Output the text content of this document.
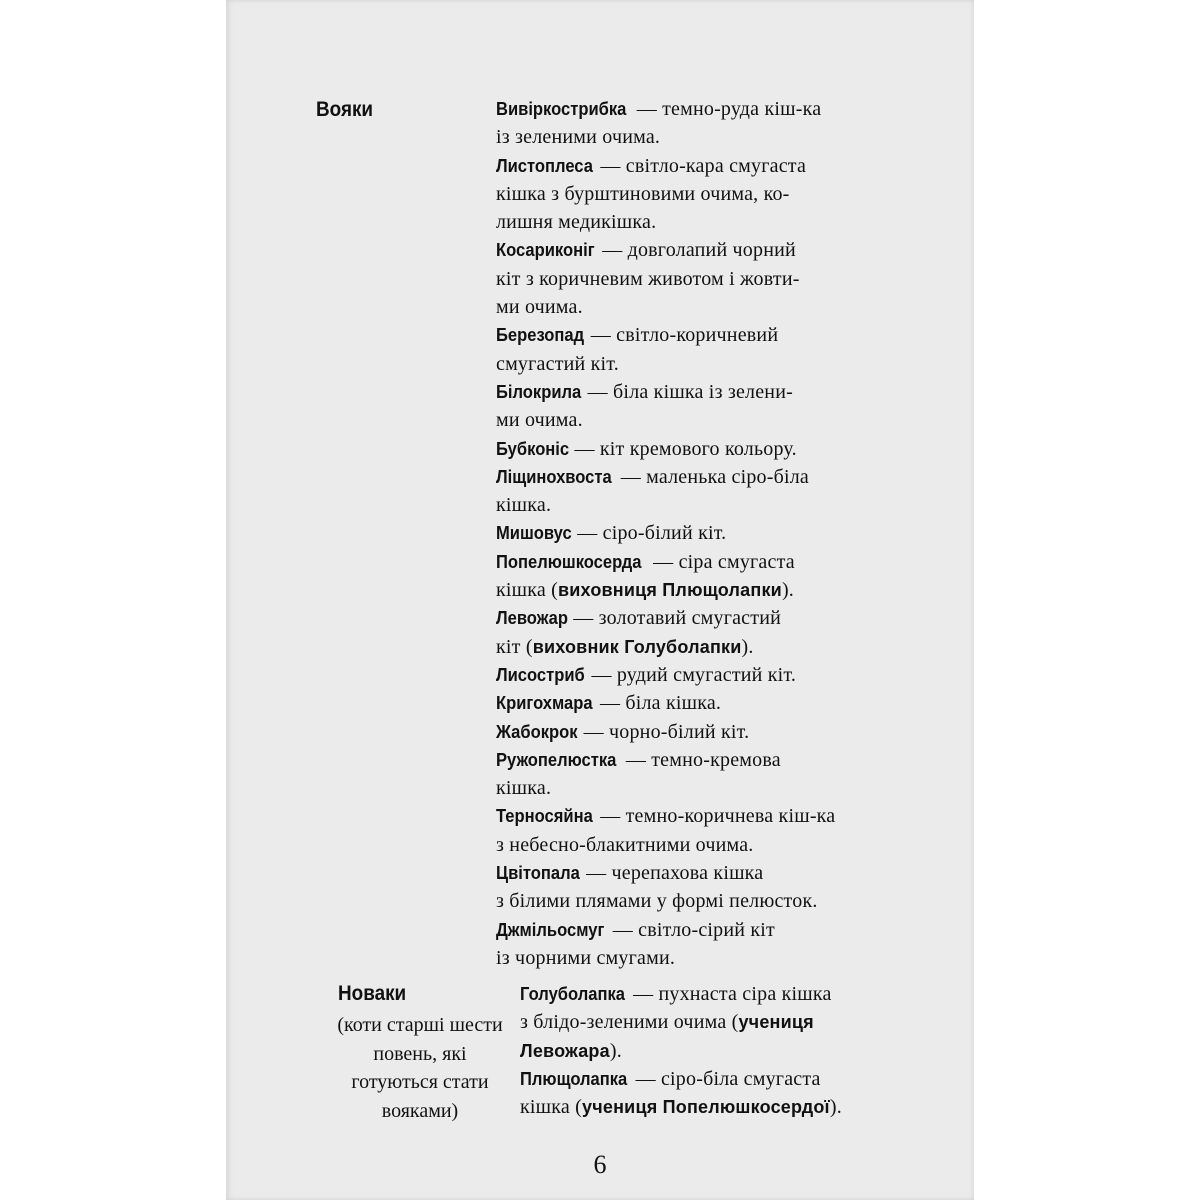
Вояки	Вивіркострибка — темно-руда кіш-ка
із зеленими очима.
Листоплеса — світло-кара смугаста
кішка з бурштиновими очима, ко-
лишня медикішка.
Косариконіг — довголапий чорний
кіт з коричневим животом і жовти-
ми очима.
Березопад — світло-коричневий
смугастий кіт.
Білокрила — біла кішка із зелени-
ми очима.
Бубконіс — кіт кремового кольору.
Ліщинохвоста — маленька сіро-біла
кішка.
Мишовус — сіро-білий кіт.
Попелюшкосерда — сіра смугаста
кішка (виховниця Плющолапки).
Левожар — золотавий смугастий
кіт (виховник Голуболапки).
Лисостриб — рудий смугастий кіт.
Кригохмара — біла кішка.
Жабокрок — чорно-білий кіт.
Ружопелюстка — темно-кремова
кішка.
Терносяйна — темно-коричнева кіш-ка
з небесно-блакитними очима.
Цвітопала — черепахова кішка
з білими плямами у формі пелюсток.
Джмільосмуг — світло-сірий кіт
із чорними смугами.
Новаки
(коти старші шести повень, які готуються стати вояками)
Голуболапка — пухнаста сіра кішка
з блідо-зеленими очима (учениця
Левожара).
Плющолапка — сіро-біла смугаста
кішка (учениця Попелюшкосердої).
6
